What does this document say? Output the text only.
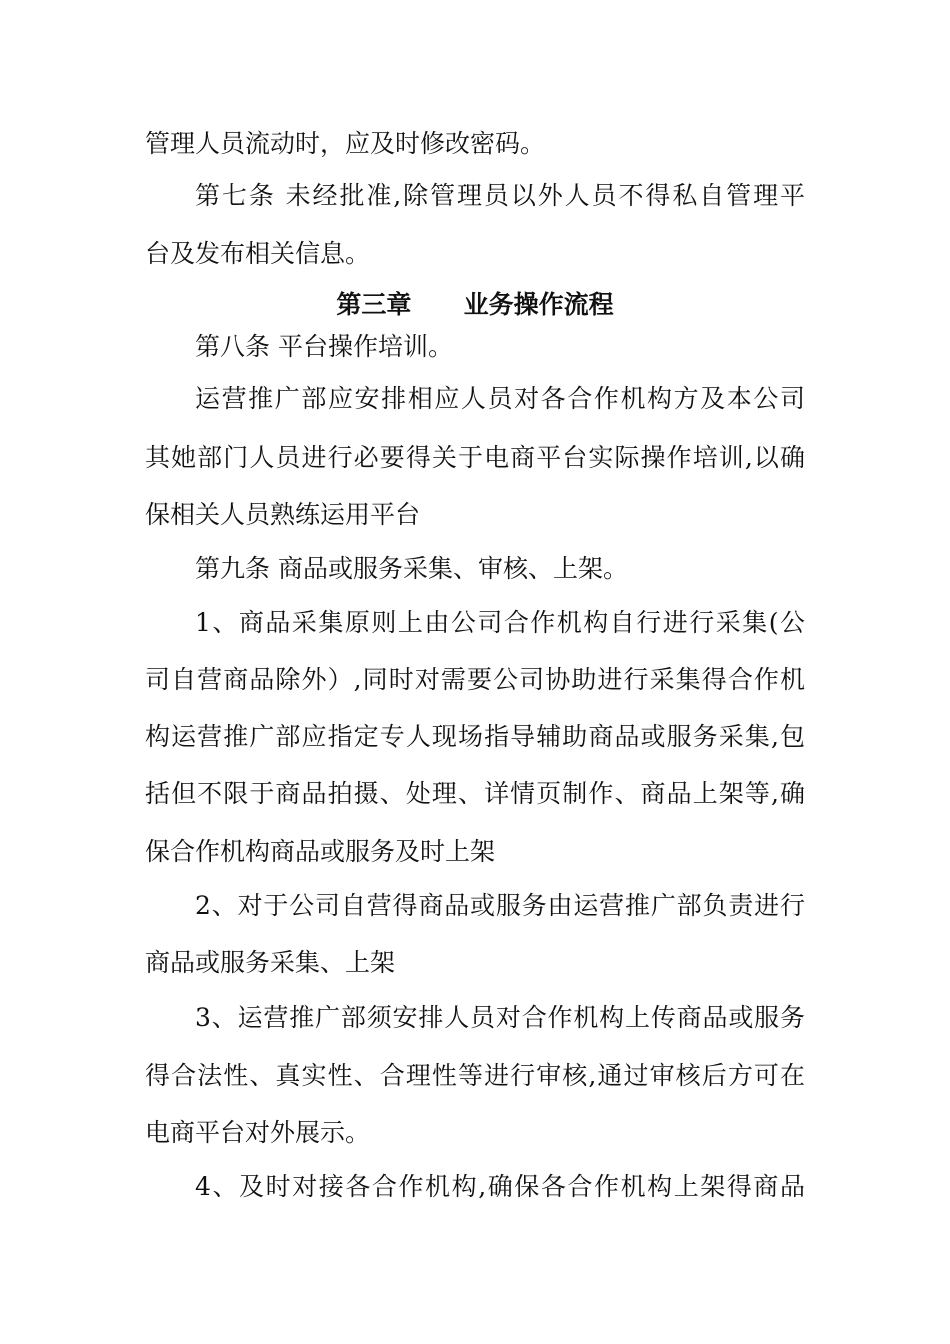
管理人员流动时，应及时修改密码。
第七条 未经批准,除管理员以外人员不得私自管理平
台及发布相关信息。
第三章      业务操作流程
第八条 平台操作培训。
运营推广部应安排相应人员对各合作机构方及本公司
其她部门人员进行必要得关于电商平台实际操作培训,以确
保相关人员熟练运用平台
第九条 商品或服务采集、审核、上架。
1、商品采集原则上由公司合作机构自行进行采集(公
司自营商品除外）,同时对需要公司协助进行采集得合作机
构运营推广部应指定专人现场指导辅助商品或服务采集,包
括但不限于商品拍摄、处理、详情页制作、商品上架等,确
保合作机构商品或服务及时上架
2、对于公司自营得商品或服务由运营推广部负责进行
商品或服务采集、上架
3、运营推广部须安排人员对合作机构上传商品或服务
得合法性、真实性、合理性等进行审核,通过审核后方可在
电商平台对外展示。
4、及时对接各合作机构,确保各合作机构上架得商品
